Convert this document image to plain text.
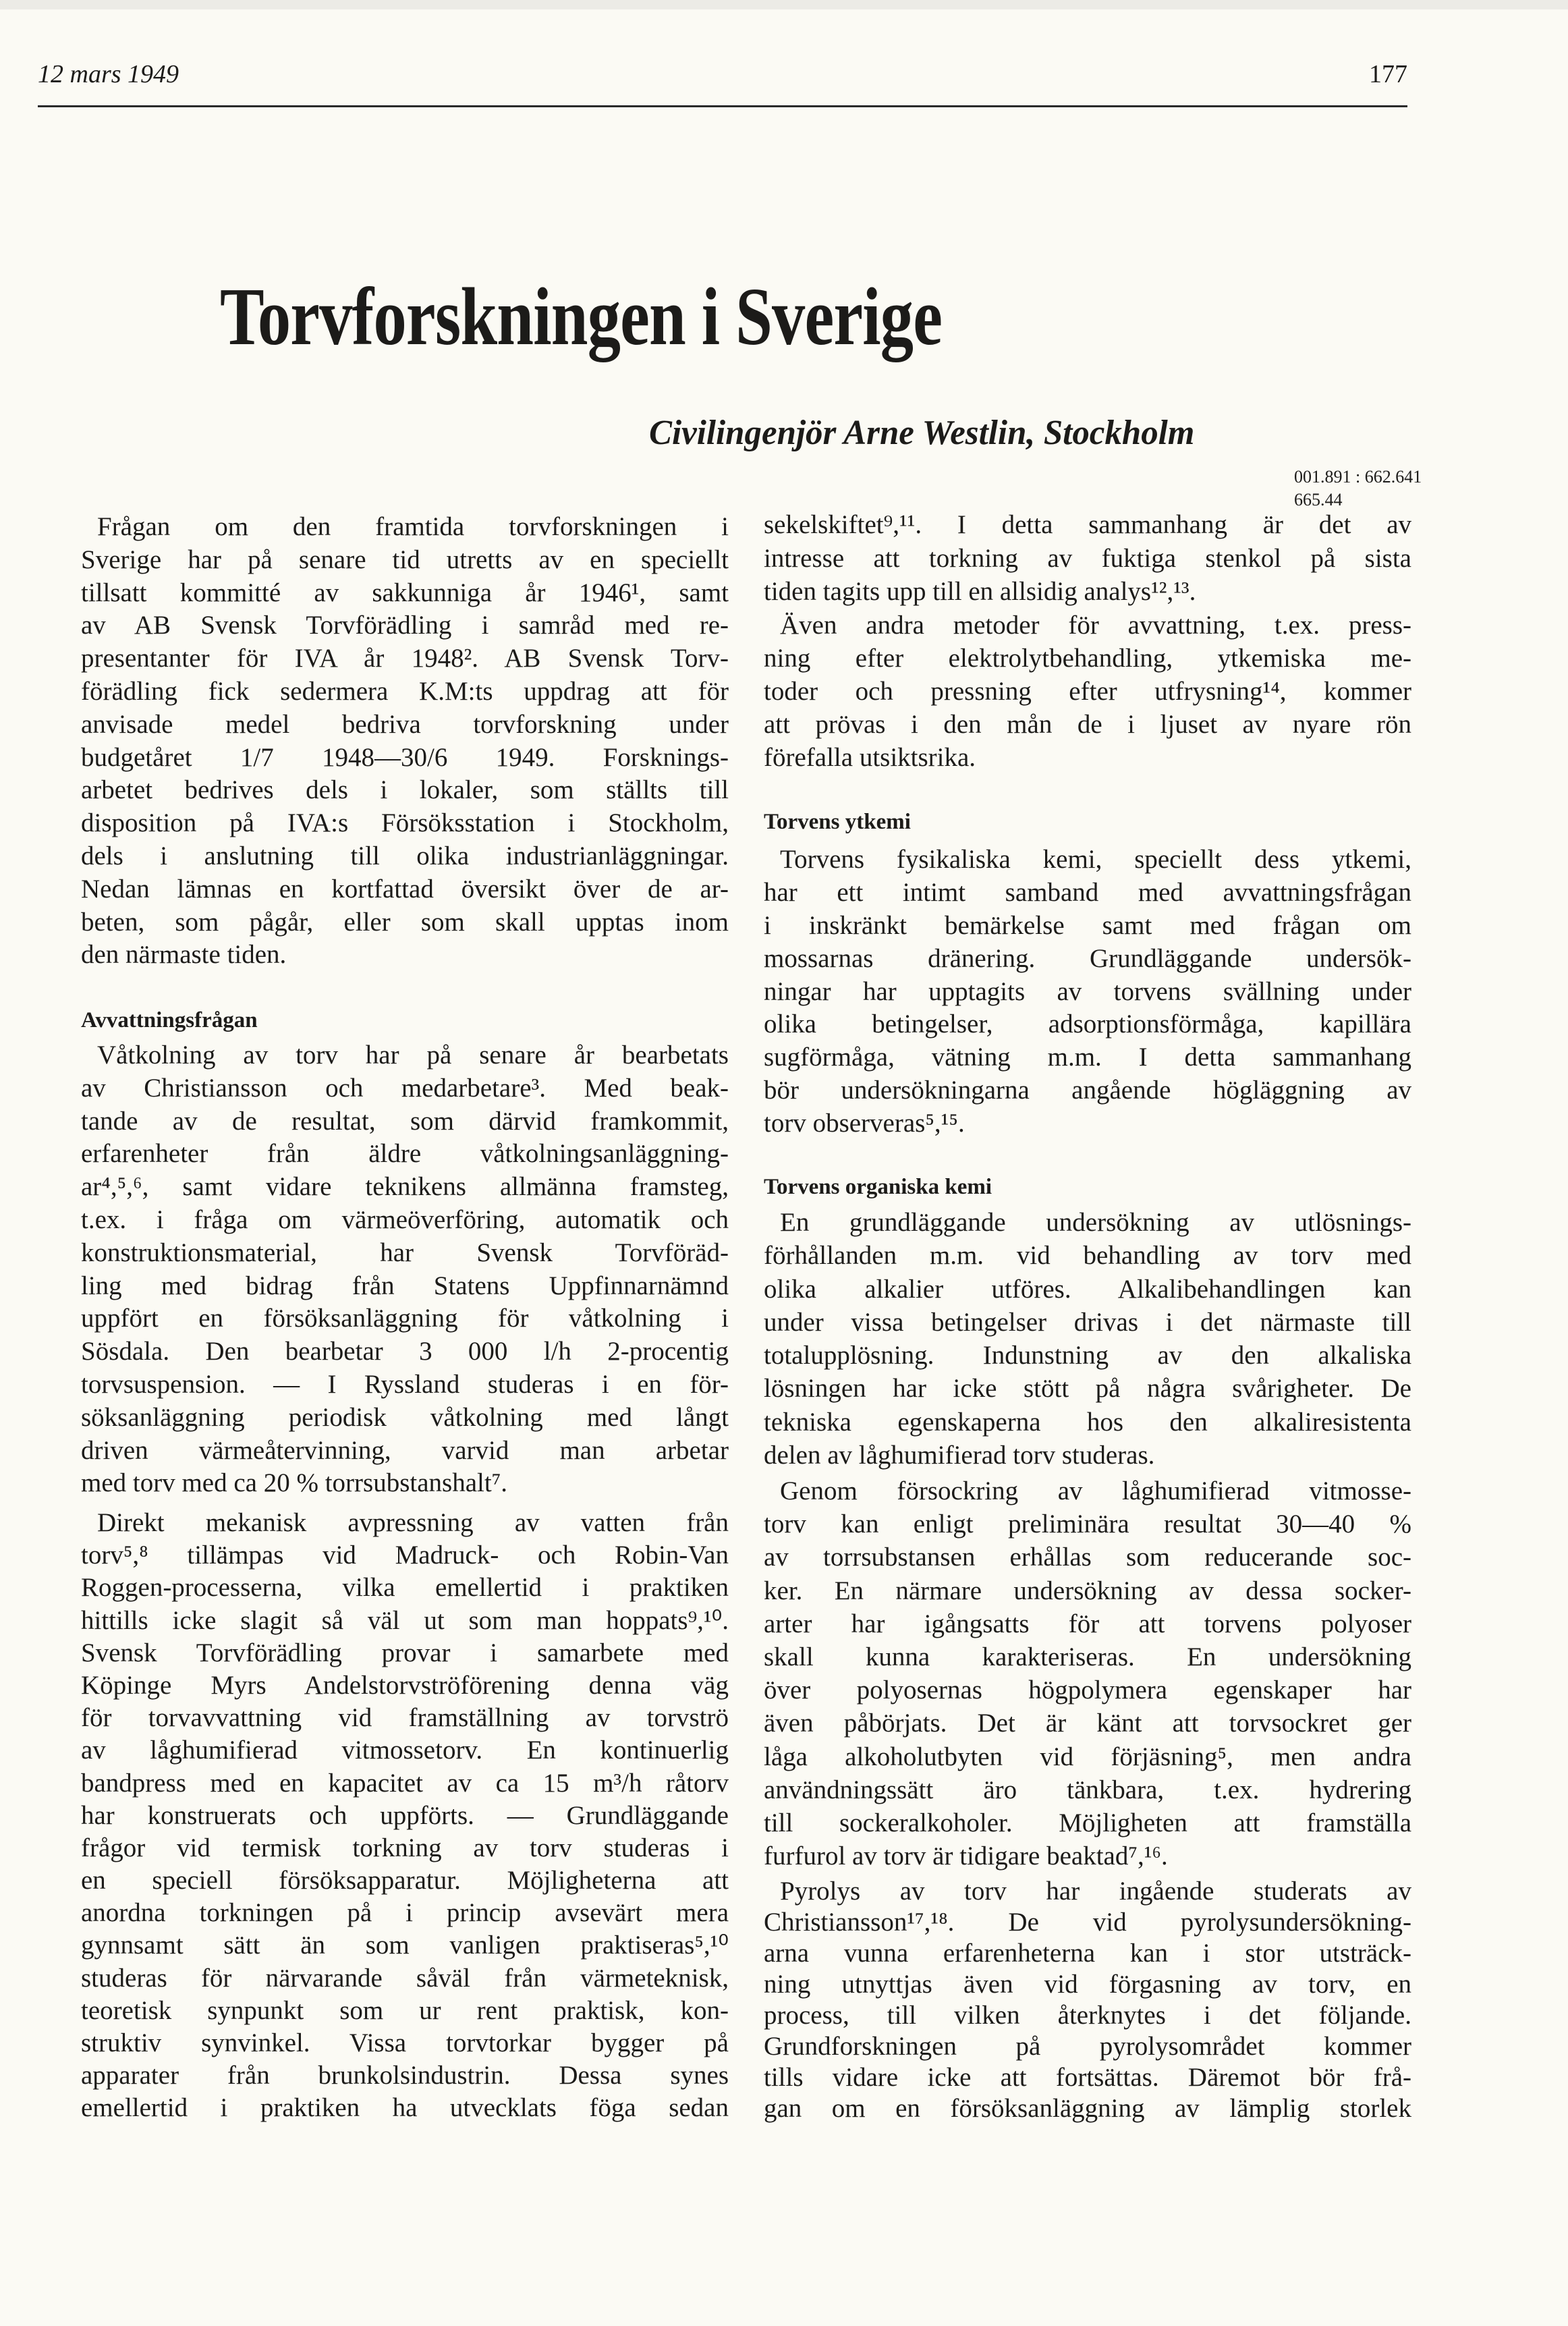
12 mars 1949	177
Torvforskningen i Sverige
Civilingenjör Arne Westlin, Stockholm
001.891 : 662.641
665.44
Frågan om den framtida torvforskningen i
Sverige har på senare tid utretts av en speciellt
tillsatt kommitté av sakkunniga år 1946¹, samt
av AB Svensk Torvförädling i samråd med re-
presentanter för IVA år 1948². AB Svensk Torv-
förädling fick sedermera K.M:ts uppdrag att för
anvisade medel bedriva torvforskning under
budgetåret 1/7 1948—30/6 1949. Forsknings-
arbetet bedrives dels i lokaler, som ställts till
disposition på IVA:s Försöksstation i Stockholm,
dels i anslutning till olika industrianläggningar.
Nedan lämnas en kortfattad översikt över de ar-
beten, som pågår, eller som skall upptas inom
den närmaste tiden.
Avvattningsfrågan
Våtkolning av torv har på senare år bearbetats
av Christiansson och medarbetare³. Med beak-
tande av de resultat, som därvid framkommit,
erfarenheter från äldre våtkolningsanläggning-
ar⁴,⁵,⁶, samt vidare teknikens allmänna framsteg,
t.ex. i fråga om värmeöverföring, automatik och
konstruktionsmaterial, har Svensk Torvföräd-
ling med bidrag från Statens Uppfinnarnämnd
uppfört en försöksanläggning för våtkolning i
Sösdala. Den bearbetar 3 000 l/h 2-procentig
torvsuspension. — I Ryssland studeras i en för-
söksanläggning periodisk våtkolning med långt
driven värmeåtervinning, varvid man arbetar
med torv med ca 20 % torrsubstanshalt⁷.
Direkt mekanisk avpressning av vatten från
torv⁵,⁸ tillämpas vid Madruck- och Robin-Van
Roggen-processerna, vilka emellertid i praktiken
hittills icke slagit så väl ut som man hoppats⁹,¹⁰.
Svensk Torvförädling provar i samarbete med
Köpinge Myrs Andelstorvströförening denna väg
för torvavvattning vid framställning av torvströ
av låghumifierad vitmossetorv. En kontinuerlig
bandpress med en kapacitet av ca 15 m³/h råtorv
har konstruerats och uppförts. — Grundläggande
frågor vid termisk torkning av torv studeras i
en speciell försöksapparatur. Möjligheterna att
anordna torkningen på i princip avsevärt mera
gynnsamt sätt än som vanligen praktiseras⁵,¹⁰
studeras för närvarande såväl från värmeteknisk,
teoretisk synpunkt som ur rent praktisk, kon-
struktiv synvinkel. Vissa torvtorkar bygger på
apparater från brunkolsindustrin. Dessa synes
emellertid i praktiken ha utvecklats föga sedan
sekelskiftet⁹,¹¹. I detta sammanhang är det av
intresse att torkning av fuktiga stenkol på sista
tiden tagits upp till en allsidig analys¹²,¹³.
Även andra metoder för avvattning, t.ex. press-
ning efter elektrolytbehandling, ytkemiska me-
toder och pressning efter utfrysning¹⁴, kommer
att prövas i den mån de i ljuset av nyare rön
förefalla utsiktsrika.
Torvens ytkemi
Torvens fysikaliska kemi, speciellt dess ytkemi,
har ett intimt samband med avvattningsfrågan
i inskränkt bemärkelse samt med frågan om
mossarnas dränering. Grundläggande undersök-
ningar har upptagits av torvens svällning under
olika betingelser, adsorptionsförmåga, kapillära
sugförmåga, vätning m.m. I detta sammanhang
bör undersökningarna angående högläggning av
torv observeras⁵,¹⁵.
Torvens organiska kemi
En grundläggande undersökning av utlösnings-
förhållanden m.m. vid behandling av torv med
olika alkalier utföres. Alkalibehandlingen kan
under vissa betingelser drivas i det närmaste till
totalupplösning. Indunstning av den alkaliska
lösningen har icke stött på några svårigheter. De
tekniska egenskaperna hos den alkaliresistenta
delen av låghumifierad torv studeras.
Genom försockring av låghumifierad vitmosse-
torv kan enligt preliminära resultat 30—40 %
av torrsubstansen erhållas som reducerande soc-
ker. En närmare undersökning av dessa socker-
arter har igångsatts för att torvens polyoser
skall kunna karakteriseras. En undersökning
över polyosernas högpolymera egenskaper har
även påbörjats. Det är känt att torvsockret ger
låga alkoholutbyten vid förjäsning⁵, men andra
användningssätt äro tänkbara, t.ex. hydrering
till sockeralkoholer. Möjligheten att framställa
furfurol av torv är tidigare beaktad⁷,¹⁶.
Pyrolys av torv har ingående studerats av
Christiansson¹⁷,¹⁸. De vid pyrolysundersökning-
arna vunna erfarenheterna kan i stor utsträck-
ning utnyttjas även vid förgasning av torv, en
process, till vilken återknytes i det följande.
Grundforskningen på pyrolysområdet kommer
tills vidare icke att fortsättas. Däremot bör frå-
gan om en försöksanläggning av lämplig storlek
